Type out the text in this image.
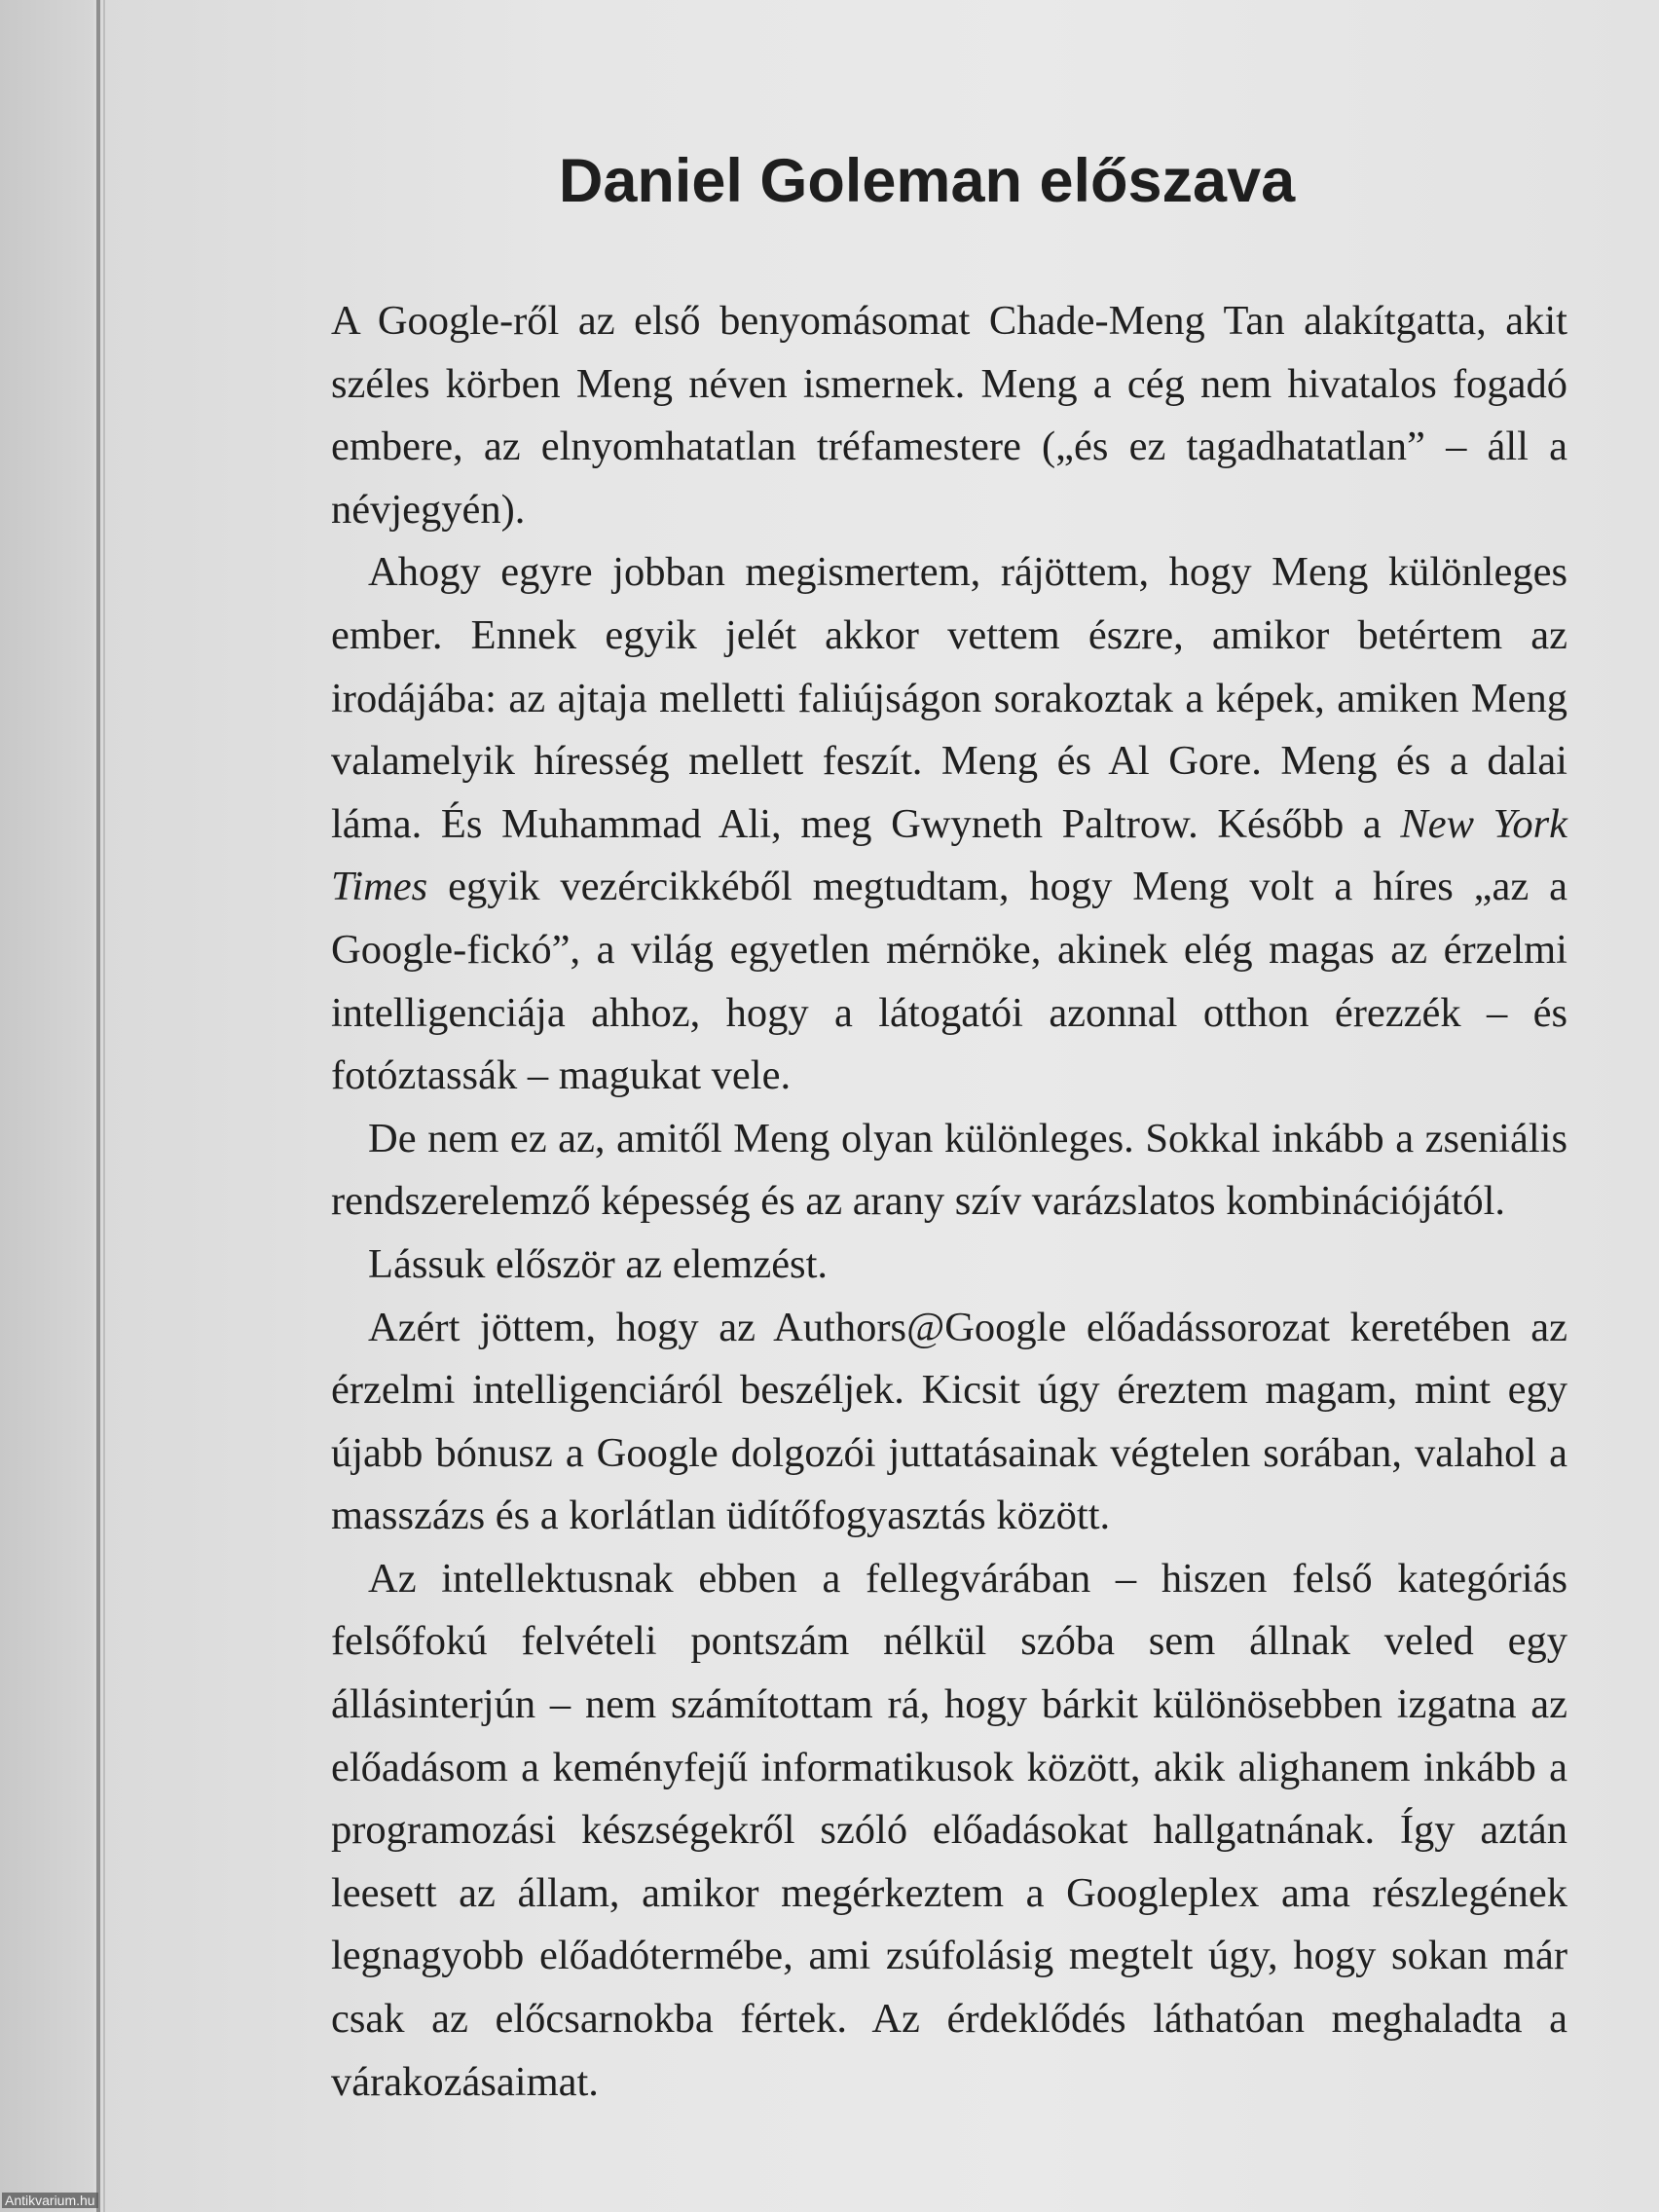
Daniel Goleman előszava

A Google-ről az első benyomásomat Chade-Meng Tan alakítgatta, akit széles körben Meng néven ismernek. Meng a cég nem hivatalos fogadó embere, az elnyomhatatlan tréfamestere („és ez tagadhatatlan” – áll a névjegyén).

Ahogy egyre jobban megismertem, rájöttem, hogy Meng különleges ember. Ennek egyik jelét akkor vettem észre, amikor betértem az irodájába: az ajtaja melletti faliújságon sorakoztak a képek, amiken Meng valamelyik híresség mellett feszít. Meng és Al Gore. Meng és a dalai láma. És Muhammad Ali, meg Gwyneth Paltrow. Később a New York Times egyik vezércikkéből megtudtam, hogy Meng volt a híres „az a Google-fickó”, a világ egyetlen mérnöke, akinek elég magas az érzelmi intelligenciája ahhoz, hogy a látogatói azonnal otthon érezzék – és fotóztassák – magukat vele.

De nem ez az, amitől Meng olyan különleges. Sokkal inkább a zseniális rendszerelemző képesség és az arany szív varázslatos kombinációjától.

Lássuk először az elemzést.

Azért jöttem, hogy az Authors@Google előadássorozat keretében az érzelmi intelligenciáról beszéljek. Kicsit úgy éreztem magam, mint egy újabb bónusz a Google dolgozói juttatásainak végtelen sorában, valahol a masszázs és a korlátlan üdítőfogyasztás között.

Az intellektusnak ebben a fellegvárában – hiszen felső kategóriás felsőfokú felvételi pontszám nélkül szóba sem állnak veled egy állásinterjún – nem számítottam rá, hogy bárkit különösebben izgatna az előadásom a keményfejű informatikusok között, akik alighanem inkább a programozási készségekről szóló előadásokat hallgatnának. Így aztán leesett az állam, amikor megérkeztem a Googleplex ama részlegének legnagyobb előadótermébe, ami zsúfolásig megtelt úgy, hogy sokan már csak az előcsarnokba fértek. Az érdeklődés láthatóan meghaladta a várakozásaimat.

Antikvarium.hu
